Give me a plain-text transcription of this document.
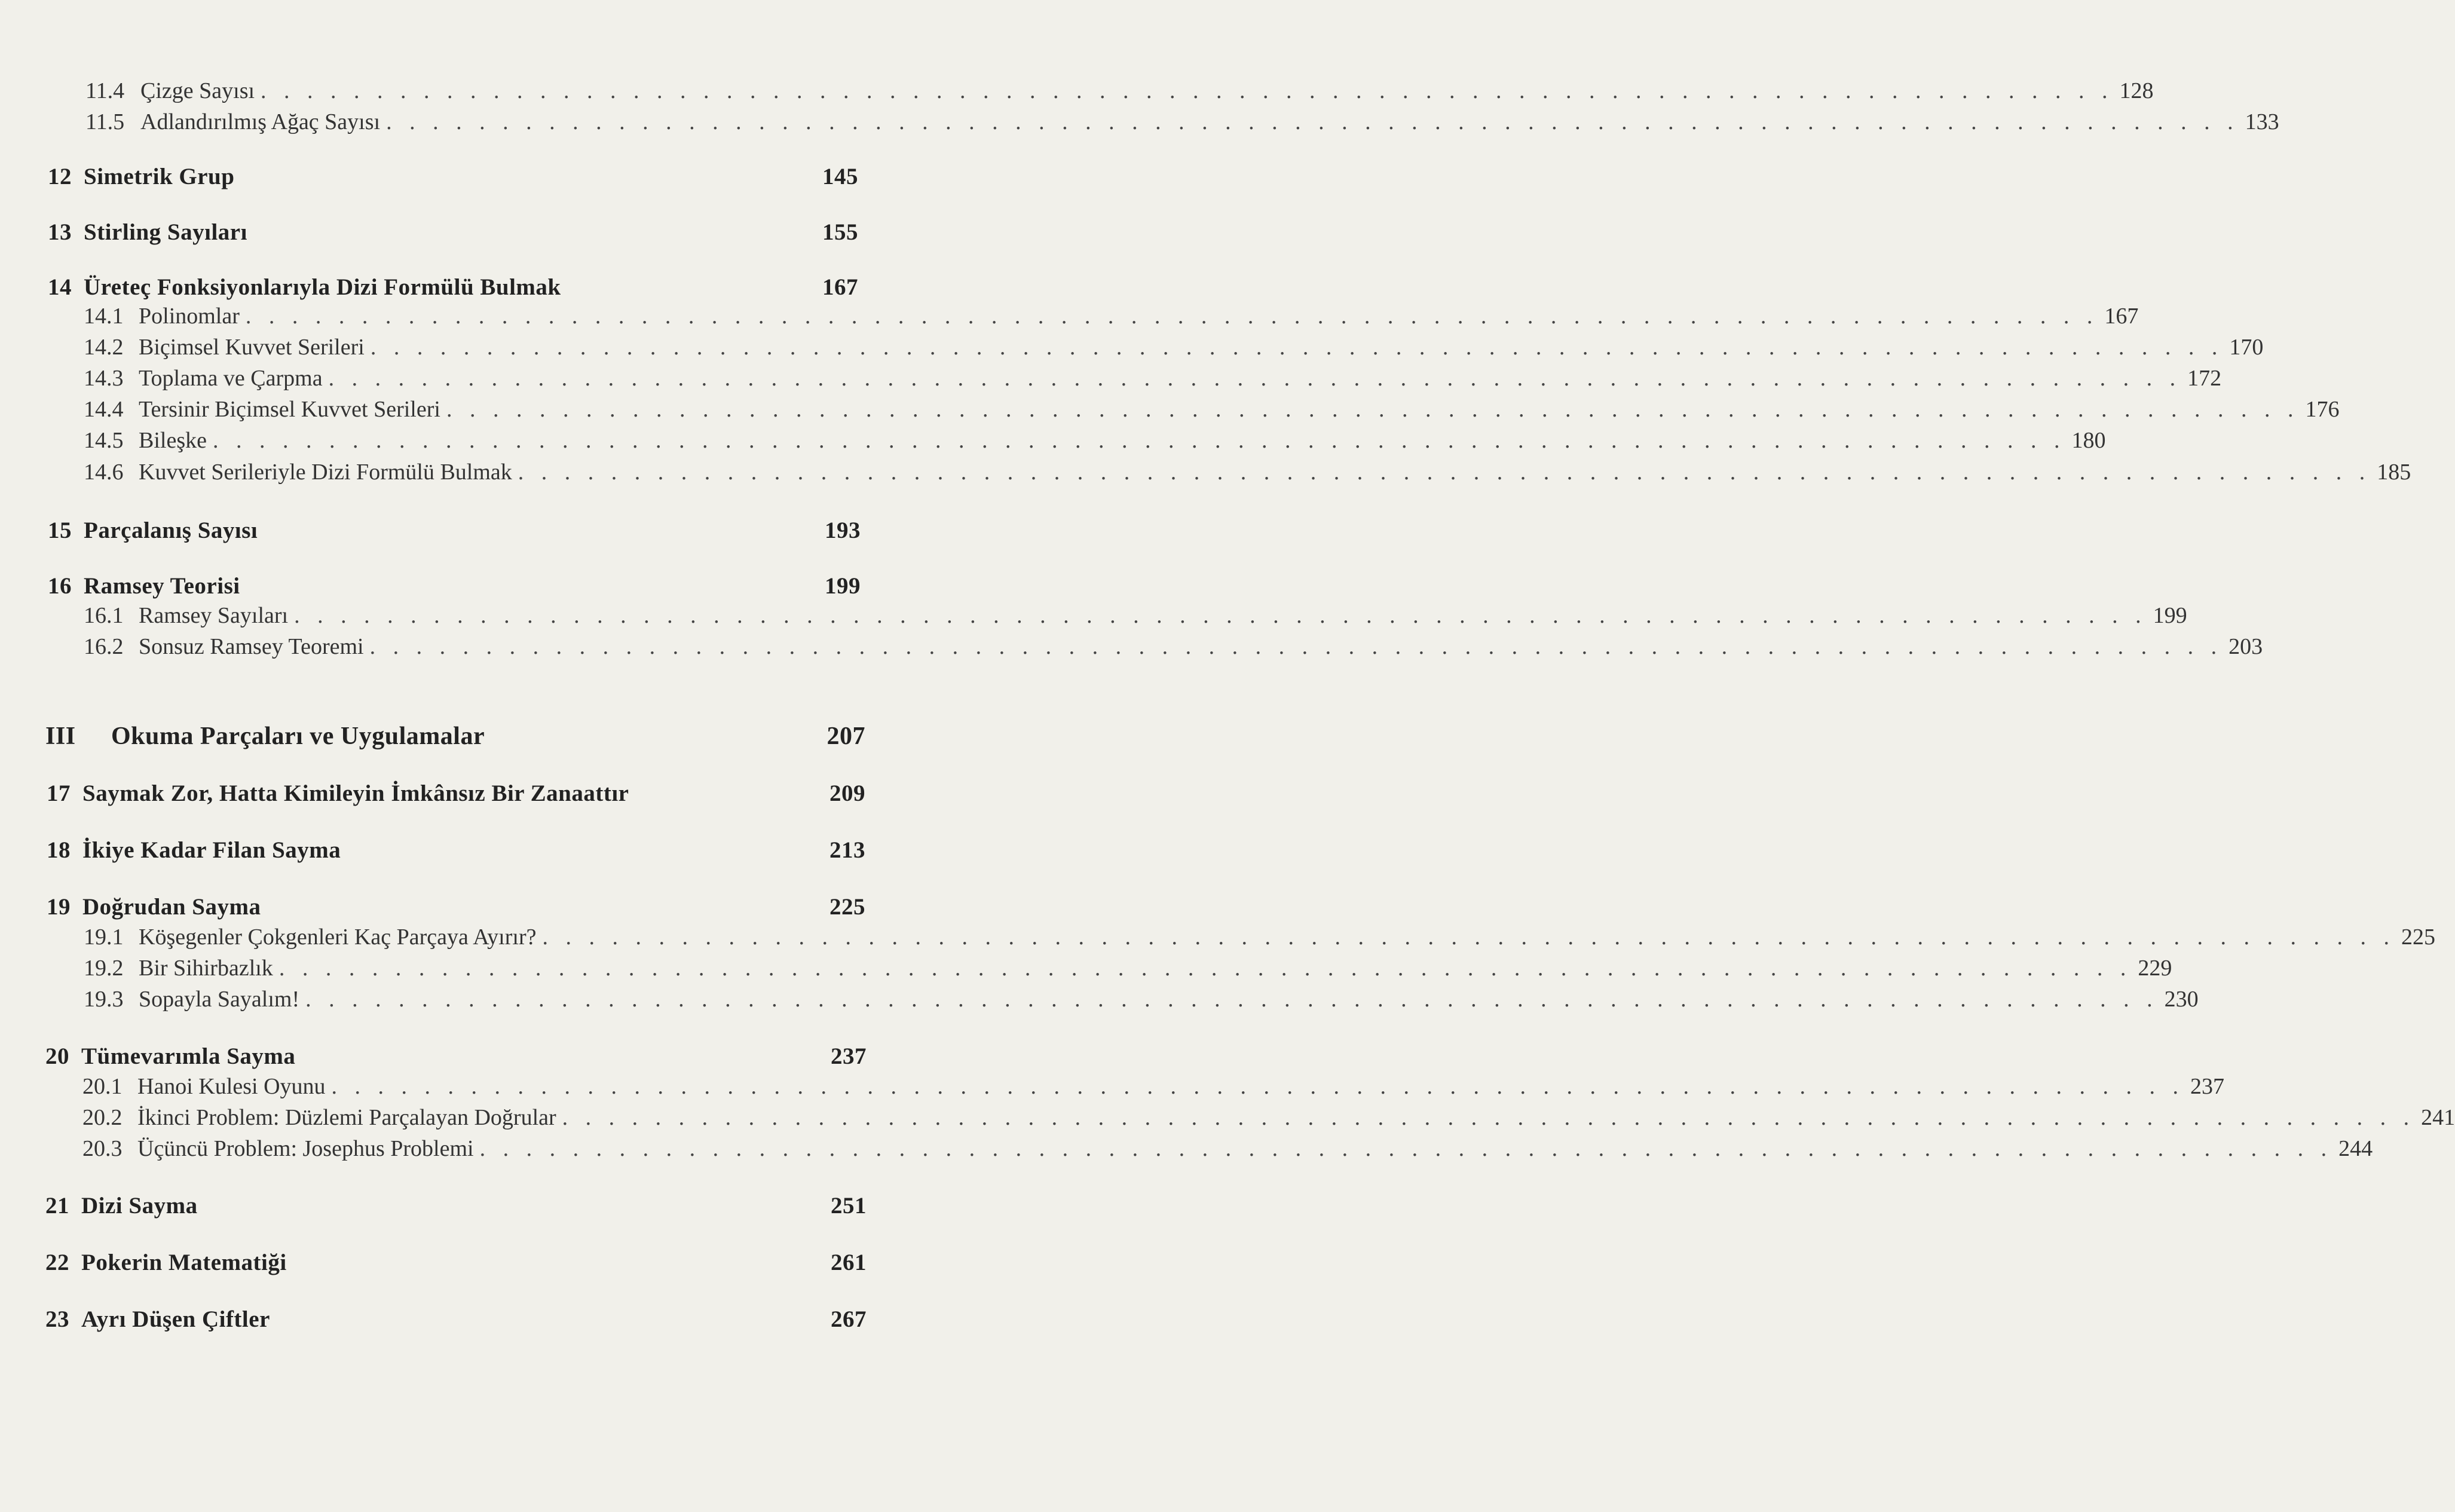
11.4 Çizge Sayısı . . . . . . . . . . . . . . . . . . . . . . . . . . . . . . . . . . . . . . . . . . . . . . . . . . . . . . . . . . . . . . . . . . . . . . . . . . . . . . . . 128
11.5 Adlandırılmış Ağaç Sayısı . . . . . . . . . . . . . . . . . . . . . . . . . . . . . . . . . . . . . . . . . . . . . . . . . . . . . . . . . . . . . . . . . . . . . . . . . . . . . . . . 133
12 Simetrik Grup	145
13 Stirling Sayıları	155
14 Üreteç Fonksiyonlarıyla Dizi Formülü Bulmak	167
14.1 Polinomlar . . . . . . . . . . . . . . . . . . . . . . . . . . . . . . . . . . . . . . . . . . . . . . . . . . . . . . . . . . . . . . . . . . . . . . . . . . . . . . . . 167
14.2 Biçimsel Kuvvet Serileri . . . . . . . . . . . . . . . . . . . . . . . . . . . . . . . . . . . . . . . . . . . . . . . . . . . . . . . . . . . . . . . . . . . . . . . . . . . . . . . . 170
14.3 Toplama ve Çarpma . . . . . . . . . . . . . . . . . . . . . . . . . . . . . . . . . . . . . . . . . . . . . . . . . . . . . . . . . . . . . . . . . . . . . . . . . . . . . . . . 172
14.4 Tersinir Biçimsel Kuvvet Serileri . . . . . . . . . . . . . . . . . . . . . . . . . . . . . . . . . . . . . . . . . . . . . . . . . . . . . . . . . . . . . . . . . . . . . . . . . . . . . . . . 176
14.5 Bileşke . . . . . . . . . . . . . . . . . . . . . . . . . . . . . . . . . . . . . . . . . . . . . . . . . . . . . . . . . . . . . . . . . . . . . . . . . . . . . . . . 180
14.6 Kuvvet Serileriyle Dizi Formülü Bulmak . . . . . . . . . . . . . . . . . . . . . . . . . . . . . . . . . . . . . . . . . . . . . . . . . . . . . . . . . . . . . . . . . . . . . . . . . . . . . . . . 185
15 Parçalanış Sayısı	193
16 Ramsey Teorisi	199
16.1 Ramsey Sayıları . . . . . . . . . . . . . . . . . . . . . . . . . . . . . . . . . . . . . . . . . . . . . . . . . . . . . . . . . . . . . . . . . . . . . . . . . . . . . . . . 199
16.2 Sonsuz Ramsey Teoremi . . . . . . . . . . . . . . . . . . . . . . . . . . . . . . . . . . . . . . . . . . . . . . . . . . . . . . . . . . . . . . . . . . . . . . . . . . . . . . . . 203
III	Okuma Parçaları ve Uygulamalar	207
17 Saymak Zor, Hatta Kimileyin İmkânsız Bir Zanaattır	209
18 İkiye Kadar Filan Sayma	213
19 Doğrudan Sayma	225
19.1 Köşegenler Çokgenleri Kaç Parçaya Ayırır? . . . . . . . . . . . . . . . . . . . . . . . . . . . . . . . . . . . . . . . . . . . . . . . . . . . . . . . . . . . . . . . . . . . . . . . . . . . . . . . . 225
19.2 Bir Sihirbazlık . . . . . . . . . . . . . . . . . . . . . . . . . . . . . . . . . . . . . . . . . . . . . . . . . . . . . . . . . . . . . . . . . . . . . . . . . . . . . . . . 229
19.3 Sopayla Sayalım! . . . . . . . . . . . . . . . . . . . . . . . . . . . . . . . . . . . . . . . . . . . . . . . . . . . . . . . . . . . . . . . . . . . . . . . . . . . . . . . . 230
20 Tümevarımla Sayma	237
20.1 Hanoi Kulesi Oyunu . . . . . . . . . . . . . . . . . . . . . . . . . . . . . . . . . . . . . . . . . . . . . . . . . . . . . . . . . . . . . . . . . . . . . . . . . . . . . . . . 237
20.2 İkinci Problem: Düzlemi Parçalayan Doğrular . . . . . . . . . . . . . . . . . . . . . . . . . . . . . . . . . . . . . . . . . . . . . . . . . . . . . . . . . . . . . . . . . . . . . . . . . . . . . . . . 241
20.3 Üçüncü Problem: Josephus Problemi . . . . . . . . . . . . . . . . . . . . . . . . . . . . . . . . . . . . . . . . . . . . . . . . . . . . . . . . . . . . . . . . . . . . . . . . . . . . . . . . 244
21 Dizi Sayma	251
22 Pokerin Matematiği	261
23 Ayrı Düşen Çiftler	267
